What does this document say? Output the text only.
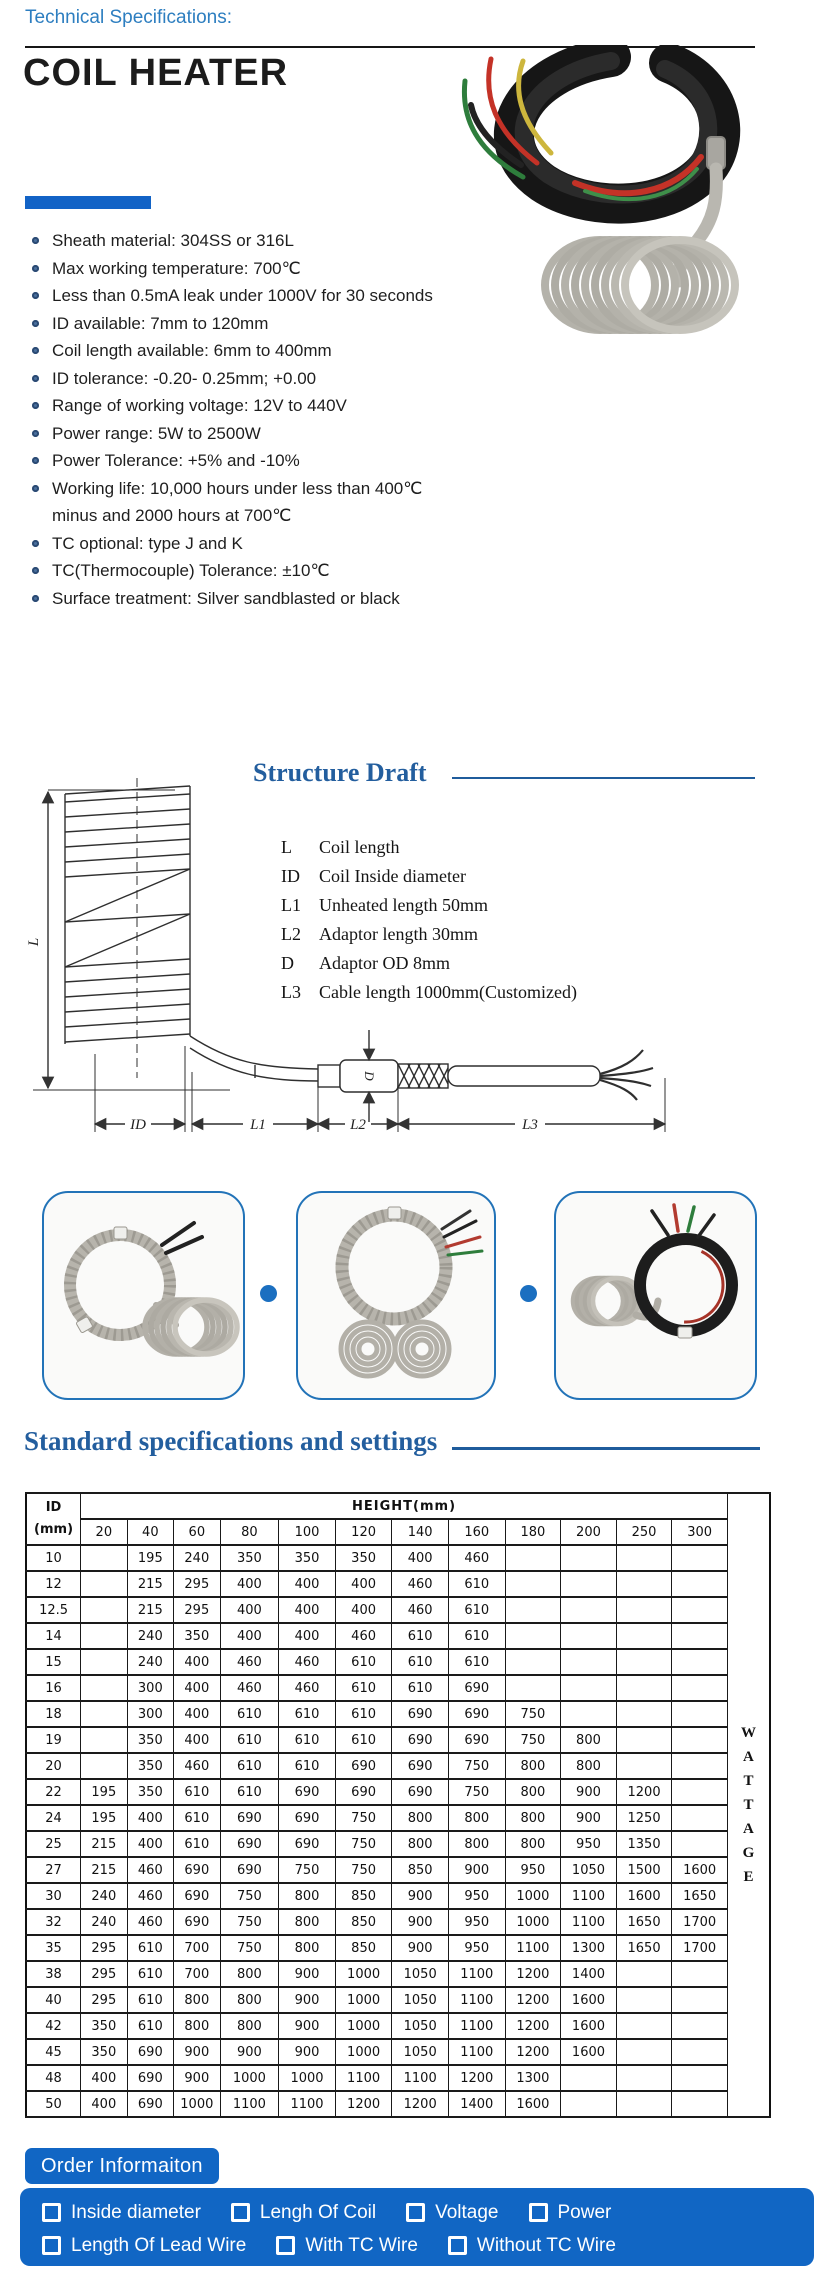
Technical Specifications:
COIL HEATER
Sheath material: 304SS or 316L
Max working temperature: 700℃
Less than 0.5mA leak under 1000V for 30 seconds
ID available: 7mm to 120mm
Coil length available: 6mm to 400mm
ID tolerance: -0.20- 0.25mm; +0.00
Range of working voltage: 12V to 440V
Power range: 5W to 2500W
Power Tolerance: +5% and -10%
Working life: 10,000 hours under less than 400℃ minus and 2000 hours at 700℃
TC optional: type J and K
TC(Thermocouple) Tolerance: ±10℃
Surface treatment: Silver sandblasted or black
Structure Draft
L	Coil length
ID	Coil Inside diameter
L1	Unheated length 50mm
L2	Adaptor length 30mm
D	Adaptor OD 8mm
L3	Cable length 1000mm(Customized)
L
D
ID	L1	L2	L3
Standard specifications and settings
ID
(mm)
	HEIGHT(mm)	
W
A
T
T
A
G
E

	20	40	60	80	100	120	140	160	180	200	250	300	
10		195	240	350	350	350	400	460					
12		215	295	400	400	400	460	610					
12.5		215	295	400	400	400	460	610					
14		240	350	400	400	460	610	610					
15		240	400	460	460	610	610	610					
16		300	400	460	460	610	610	690					
18		300	400	610	610	610	690	690	750				
19		350	400	610	610	610	690	690	750	800			
20		350	460	610	610	690	690	750	800	800			
22	195	350	610	610	690	690	690	750	800	900	1200		
24	195	400	610	690	690	750	800	800	800	900	1250		
25	215	400	610	690	690	750	800	800	800	950	1350		
27	215	460	690	690	750	750	850	900	950	1050	1500	1600	
30	240	460	690	750	800	850	900	950	1000	1100	1600	1650	
32	240	460	690	750	800	850	900	950	1000	1100	1650	1700	
35	295	610	700	750	800	850	900	950	1100	1300	1650	1700	
38	295	610	700	800	900	1000	1050	1100	1200	1400			
40	295	610	800	800	900	1000	1050	1100	1200	1600			
42	350	610	800	800	900	1000	1050	1100	1200	1600			
45	350	690	900	900	900	1000	1050	1100	1200	1600			
48	400	690	900	1000	1000	1100	1100	1200	1300				
50	400	690	1000	1100	1100	1200	1200	1400	1600				
Order Informaiton
Inside diameter	Lengh Of Coil	Voltage	Power
Length Of Lead Wire	With TC Wire	Without TC Wire
